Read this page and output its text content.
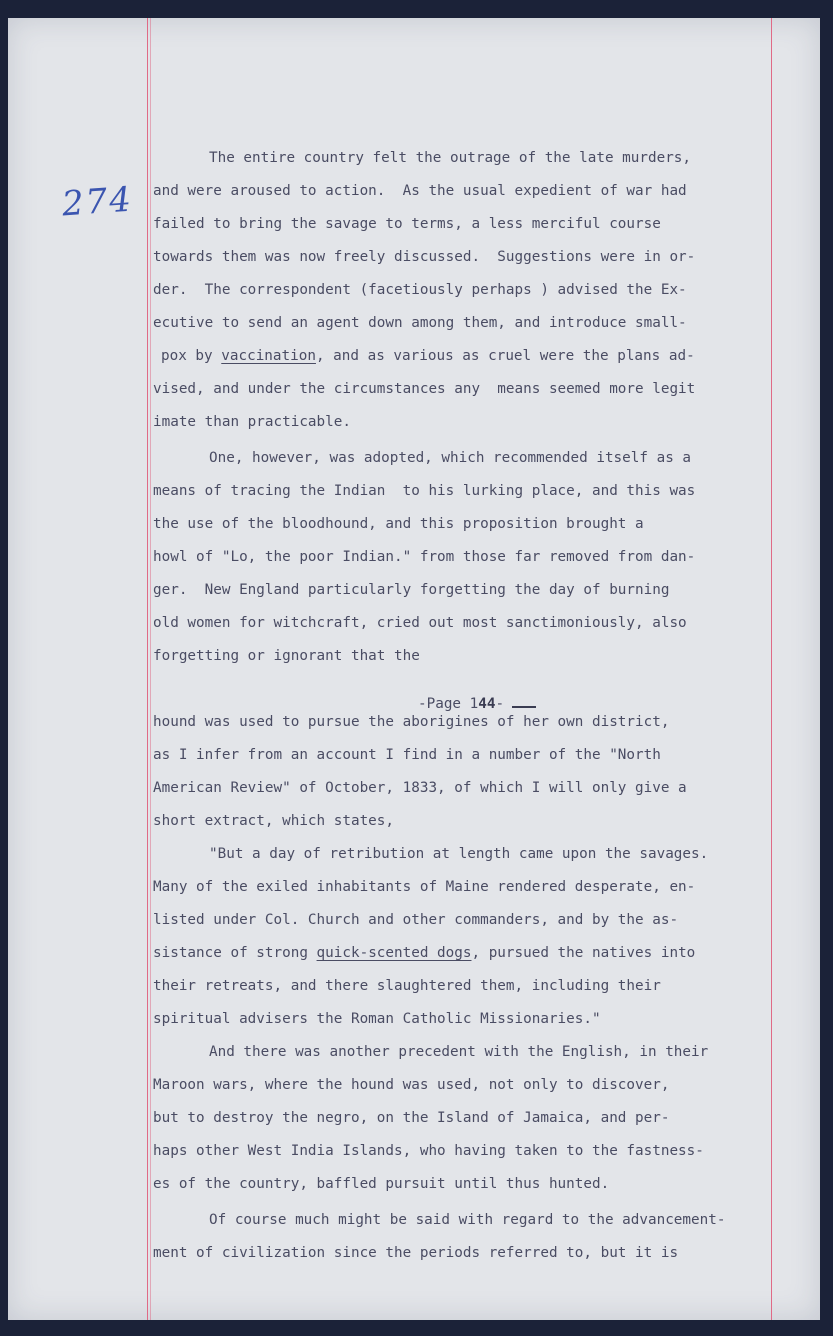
274
The entire country felt the outrage of the late murders,
and were aroused to action.  As the usual expedient of war had
failed to bring the savage to terms, a less merciful course
towards them was now freely discussed.  Suggestions were in or-
der.  The correspondent (facetiously perhaps ) advised the Ex-
ecutive to send an agent down among them, and introduce small-
pox by vaccination, and as various as cruel were the plans ad-
vised, and under the circumstances any  means seemed more legit
imate than practicable.
One, however, was adopted, which recommended itself as a
means of tracing the Indian  to his lurking place, and this was
the use of the bloodhound, and this proposition brought a
howl of "Lo, the poor Indian." from those far removed from dan-
ger.  New England particularly forgetting the day of burning
old women for witchcraft, cried out most sanctimoniously, also
forgetting or ignorant that the
-Page 144-
hound was used to pursue the aborigines of her own district,
as I infer from an account I find in a number of the "North
American Review" of October, 1833, of which I will only give a
short extract, which states,
"But a day of retribution at length came upon the savages.
Many of the exiled inhabitants of Maine rendered desperate, en-
listed under Col. Church and other commanders, and by the as-
sistance of strong quick-scented dogs, pursued the natives into
their retreats, and there slaughtered them, including their
spiritual advisers the Roman Catholic Missionaries."
And there was another precedent with the English, in their
Maroon wars, where the hound was used, not only to discover,
but to destroy the negro, on the Island of Jamaica, and per-
haps other West India Islands, who having taken to the fastness-
es of the country, baffled pursuit until thus hunted.
Of course much might be said with regard to the advancement-
ment of civilization since the periods referred to, but it is
